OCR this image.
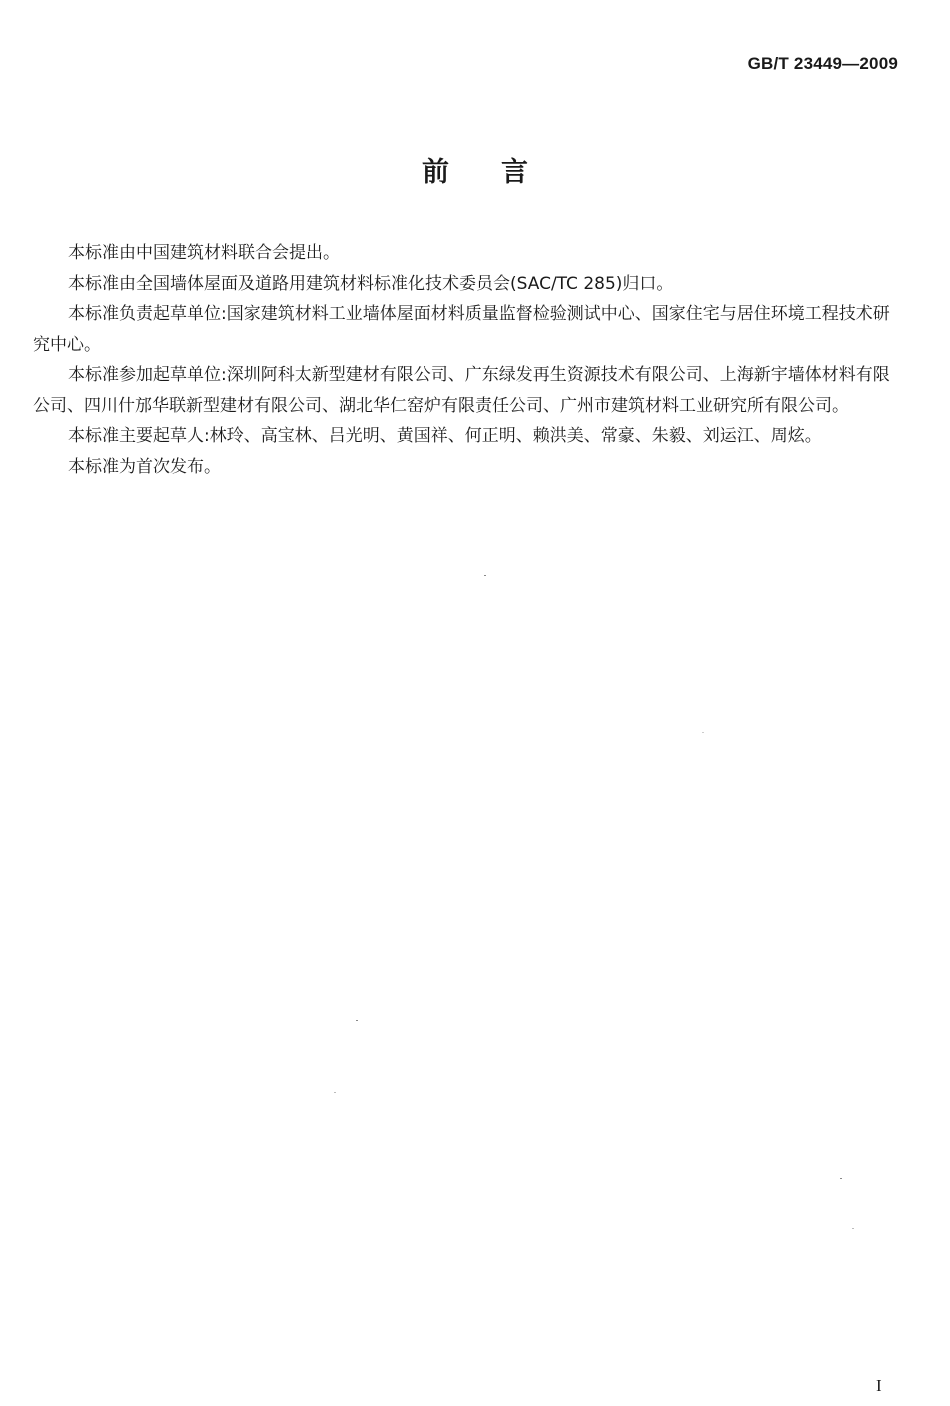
GB/T 23449—2009
前言

本标准由中国建筑材料联合会提出。

本标准由全国墙体屋面及道路用建筑材料标准化技术委员会(SAC/TC 285)归口。

本标准负责起草单位:国家建筑材料工业墙体屋面材料质量监督检验测试中心、国家住宅与居住环境工程技术研究中心。

本标准参加起草单位:深圳阿科太新型建材有限公司、广东绿发再生资源技术有限公司、上海新宇墙体材料有限公司、四川什邡华联新型建材有限公司、湖北华仁窑炉有限责任公司、广州市建筑材料工业研究所有限公司。

本标准主要起草人:林玲、高宝林、吕光明、黄国祥、何正明、赖洪美、常豪、朱毅、刘运江、周炫。

本标准为首次发布。

I
